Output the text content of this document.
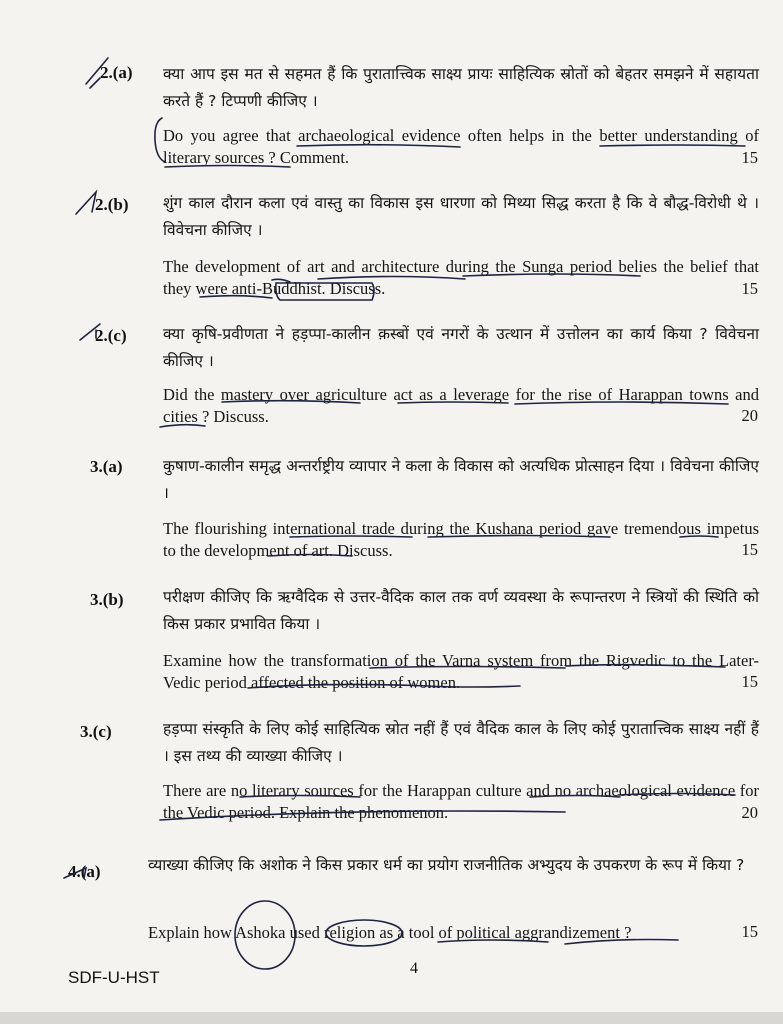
2.(a) क्या आप इस मत से सहमत हैं कि पुरातात्त्विक साक्ष्य प्रायः साहित्यिक स्रोतों को बेहतर समझने में सहायता करते हैं ? टिप्पणी कीजिए ।
Do you agree that archaeological evidence often helps in the better understanding of literary sources ? Comment.	15
2.(b) शुंग काल दौरान कला एवं वास्तु का विकास इस धारणा को मिथ्या सिद्ध करता है कि वे बौद्ध-विरोधी थे । विवेचना कीजिए ।
The development of art and architecture during the Sunga period belies the belief that they were anti-Buddhist. Discuss.	15
2.(c) क्या कृषि-प्रवीणता ने हड़प्पा-कालीन क़स्बों एवं नगरों के उत्थान में उत्तोलन का कार्य किया ? विवेचना कीजिए ।
Did the mastery over agriculture act as a leverage for the rise of Harappan towns and cities ? Discuss.	20
3.(a)	कुषाण-कालीन समृद्ध अन्तर्राष्ट्रीय व्यापार ने कला के विकास को अत्यधिक प्रोत्साहन दिया । विवेचना कीजिए ।
The flourishing international trade during the Kushana period gave tremendous impetus to the development of art. Discuss.	15
3.(b)	परीक्षण कीजिए कि ऋग्वैदिक से उत्तर-वैदिक काल तक वर्ण व्यवस्था के रूपान्तरण ने स्त्रियों की स्थिति को किस प्रकार प्रभावित किया ।
Examine how the transformation of the Varna system from the Rigvedic to the Later-Vedic period affected the position of women.	15
3.(c)	हड़प्पा संस्कृति के लिए कोई साहित्यिक स्रोत नहीं हैं एवं वैदिक काल के लिए कोई पुरातात्त्विक साक्ष्य नहीं हैं । इस तथ्य की व्याख्या कीजिए ।
There are no literary sources for the Harappan culture and no archaeological evidence for the Vedic period. Explain the phenomenon.	20
4.(a)	व्याख्या कीजिए कि अशोक ने किस प्रकार धर्म का प्रयोग राजनीतिक अभ्युदय के उपकरण के रूप में किया ?
Explain how Ashoka used religion as a tool of political aggrandizement ?	15
SDF-U-HST	4
